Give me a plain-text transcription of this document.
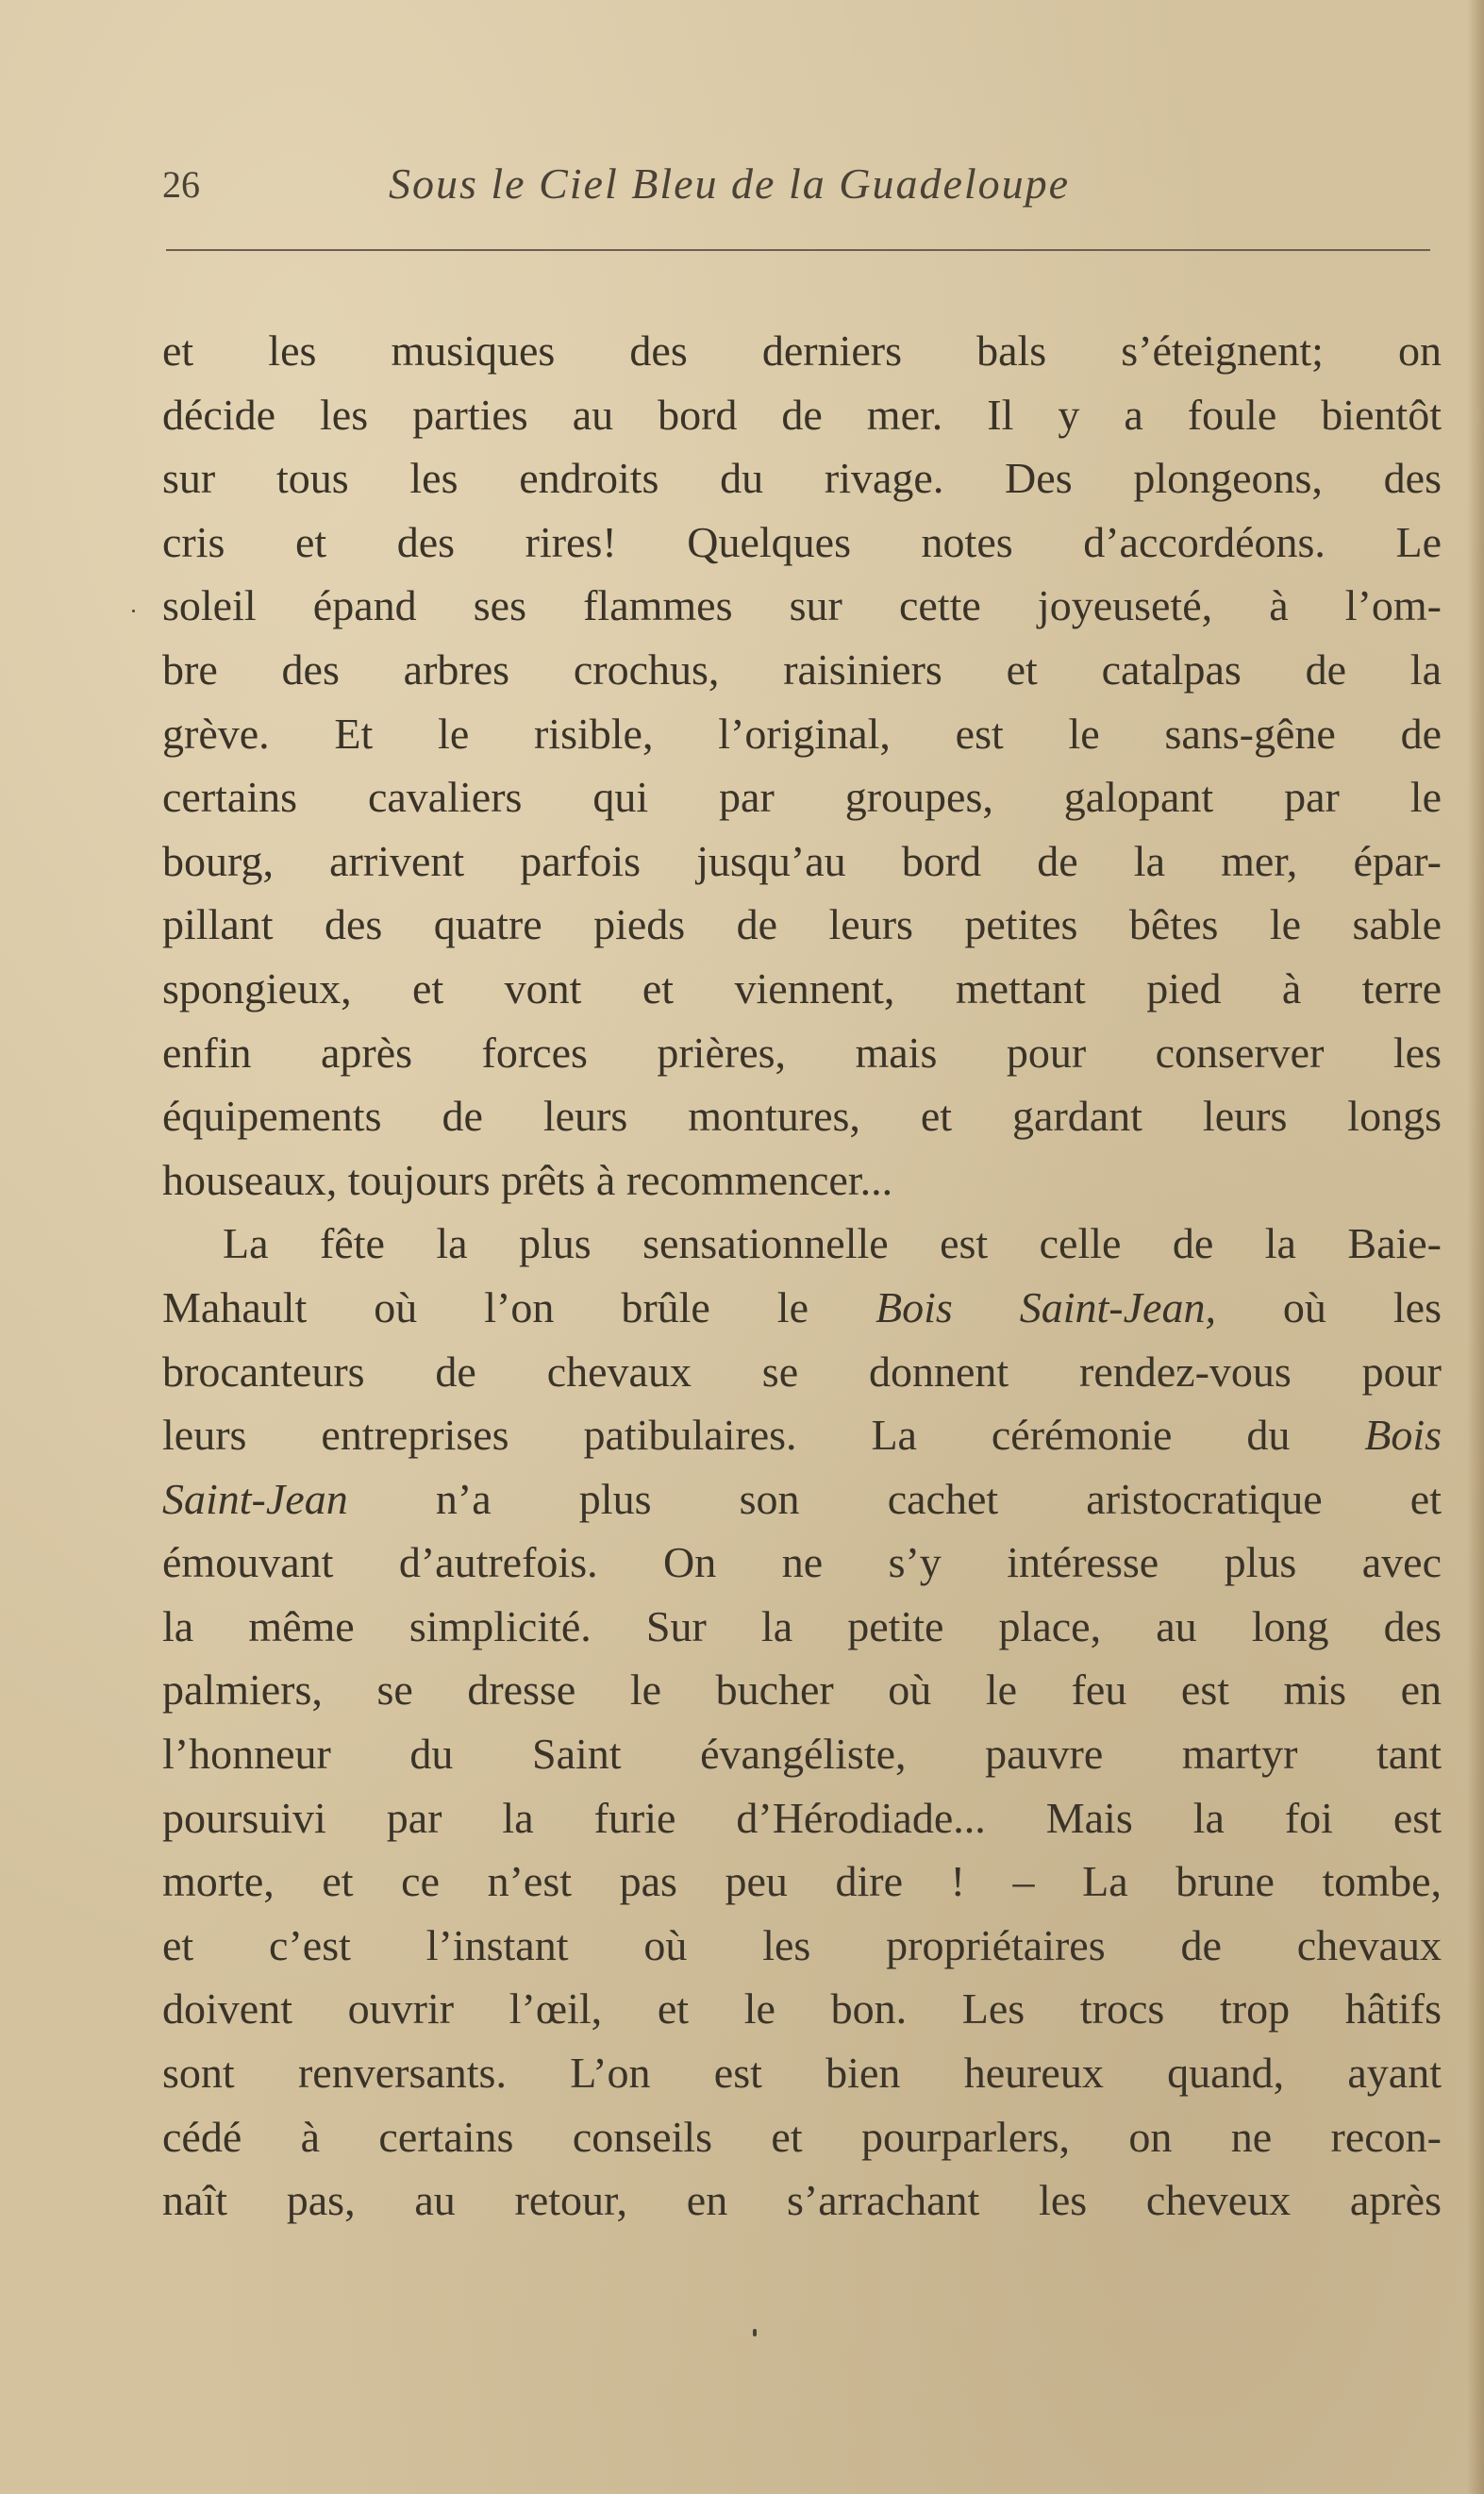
26	Sous le Ciel Bleu de la Guadeloupe
et les musiques des derniers bals s’éteignent; on
décide les parties au bord de mer. Il y a foule bientôt
sur tous les endroits du rivage. Des plongeons, des
cris et des rires! Quelques notes d’accordéons. Le
soleil épand ses flammes sur cette joyeuseté, à l’om-
bre des arbres crochus, raisiniers et catalpas de la
grève. Et le risible, l’original, est le sans-gêne de
certains cavaliers qui par groupes, galopant par le
bourg, arrivent parfois jusqu’au bord de la mer, épar-
pillant des quatre pieds de leurs petites bêtes le sable
spongieux, et vont et viennent, mettant pied à terre
enfin après forces prières, mais pour conserver les
équipements de leurs montures, et gardant leurs longs
houseaux, toujours prêts à recommencer...
La fête la plus sensationnelle est celle de la Baie-
Mahault où l’on brûle le Bois Saint-Jean, où les
brocanteurs de chevaux se donnent rendez-vous pour
leurs entreprises patibulaires. La cérémonie du Bois
Saint-Jean n’a plus son cachet aristocratique et
émouvant d’autrefois. On ne s’y intéresse plus avec
la même simplicité. Sur la petite place, au long des
palmiers, se dresse le bucher où le feu est mis en
l’honneur du Saint évangéliste, pauvre martyr tant
poursuivi par la furie d’Hérodiade... Mais la foi est
morte, et ce n’est pas peu dire ! – La brune tombe,
et c’est l’instant où les propriétaires de chevaux
doivent ouvrir l’œil, et le bon. Les trocs trop hâtifs
sont renversants. L’on est bien heureux quand, ayant
cédé à certains conseils et pourparlers, on ne recon-
naît pas, au retour, en s’arrachant les cheveux après
